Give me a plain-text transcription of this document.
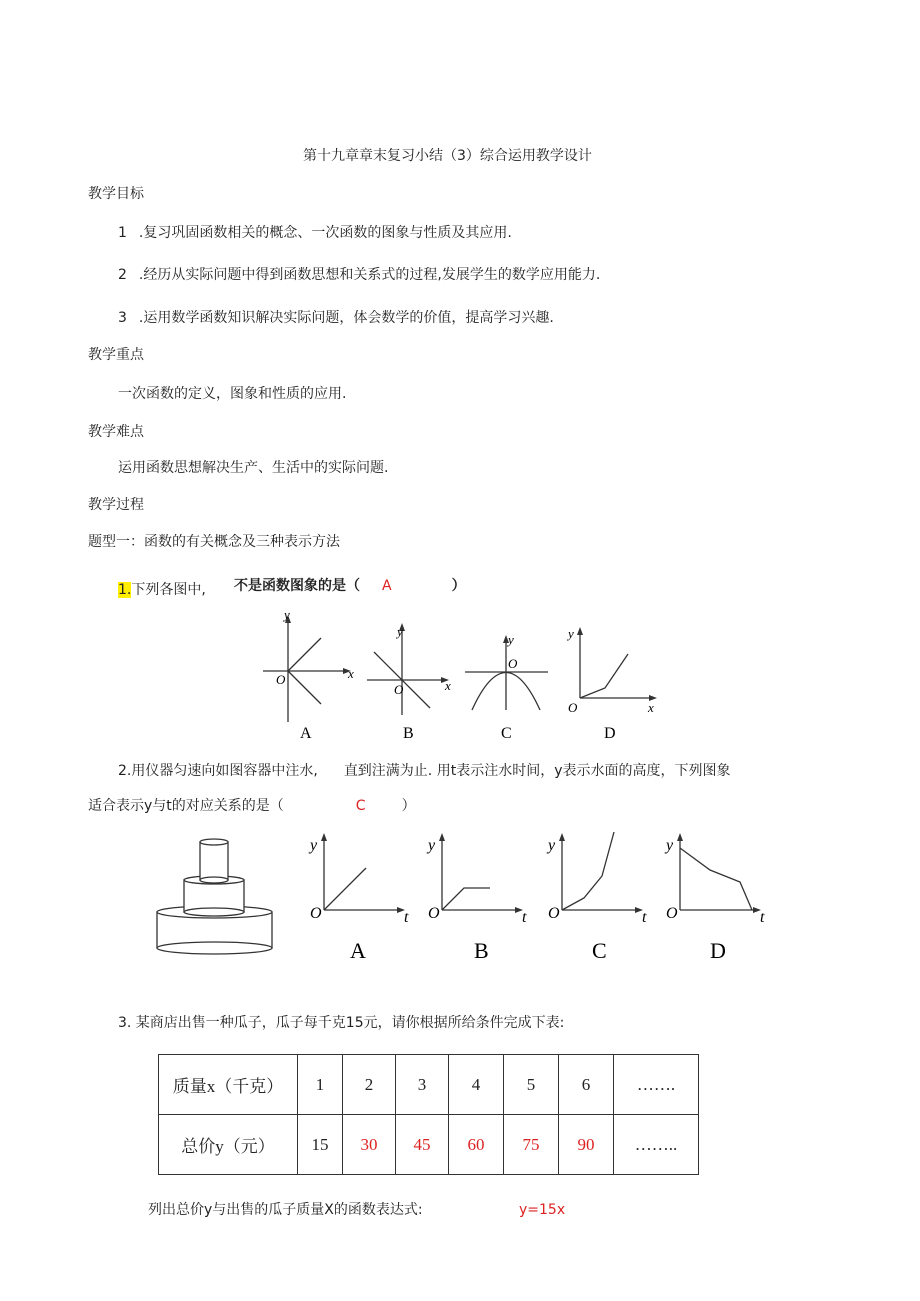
第十九章章末复习小结（3）综合运用教学设计
教学目标
1 .复习巩固函数相关的概念、一次函数的图象与性质及其应用.
2 .经历从实际问题中得到函数思想和关系式的过程,发展学生的数学应用能力.
3 .运用数学函数知识解决实际问题，体会数学的价值，提高学习兴趣.
教学重点
一次函数的定义，图象和性质的应用.
教学难点
运用函数思想解决生产、生活中的实际问题.
教学过程
题型一：函数的有关概念及三种表示方法
1.下列各图中, 不是函数图象的是（ A	）
y
x
O
A
y
x
O
B
y
O
C
y
x
O
D
2.用仪器匀速向如图容器中注水, 直到注满为止. 用t表示注水时间，y表示水面的高度，下列图象
适合表示y与t的对应关系的是（	C	）
y
t
O
A
y
t
O
B
y
t
O
C
y
t
O
D
3. 某商店出售一种瓜子，瓜子每千克15元，请你根据所给条件完成下表:
质量x（千克）	1	2	3	4	5	6	…….
总价y（元）	15	30	45	60	75	90	……..
列出总价y与出售的瓜子质量X的函数表达式:	y=15x
